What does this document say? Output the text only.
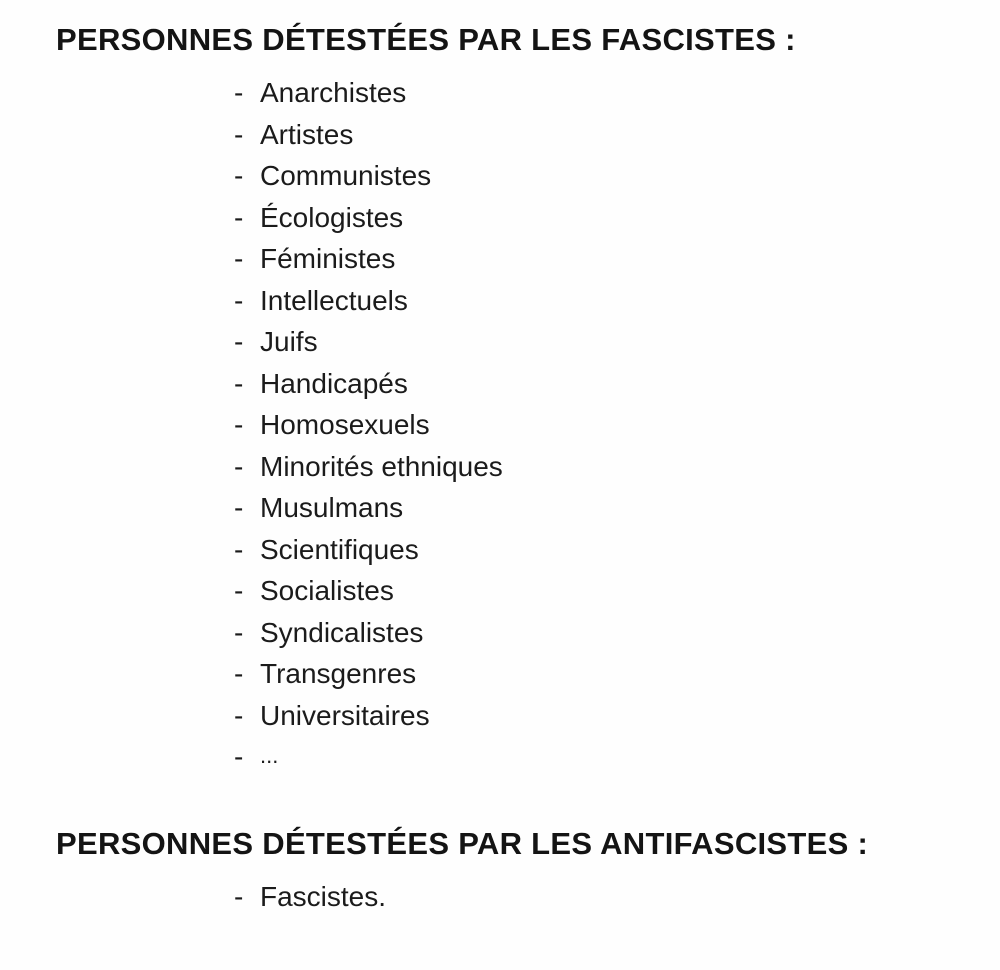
PERSONNES DÉTESTÉES PAR LES FASCISTES :
- Anarchistes
- Artistes
- Communistes
- Écologistes
- Féministes
- Intellectuels
- Juifs
- Handicapés
- Homosexuels
- Minorités ethniques
- Musulmans
- Scientifiques
- Socialistes
- Syndicalistes
- Transgenres
- Universitaires
- ...
PERSONNES DÉTESTÉES PAR LES ANTIFASCISTES :
- Fascistes.
